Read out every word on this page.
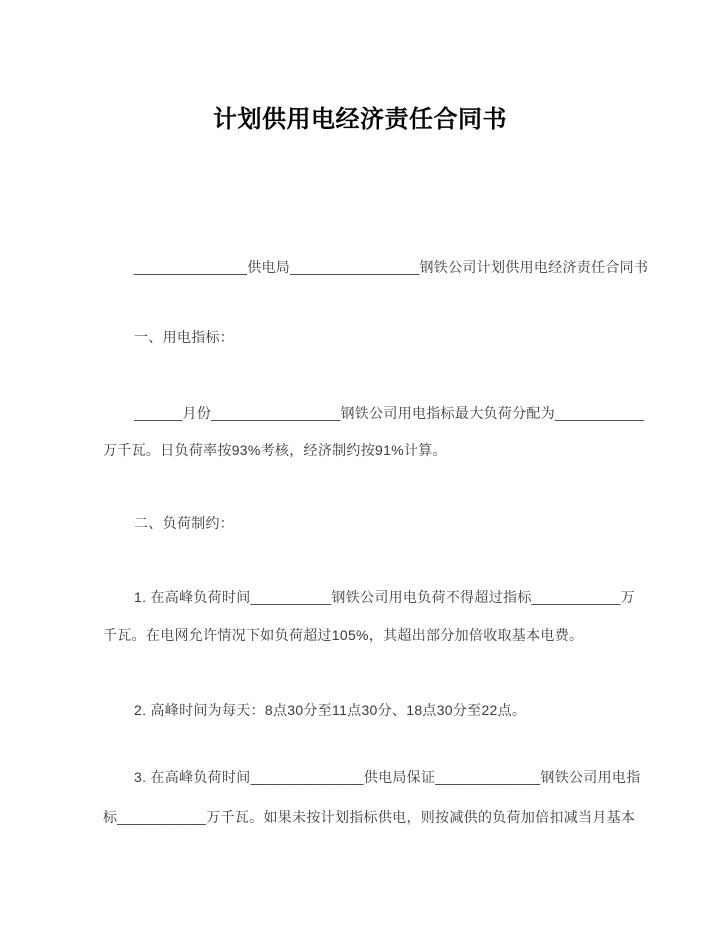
计划供用电经济责任合同书
______________供电局________________钢铁公司计划供用电经济责任合同书
一、用电指标：
______月份________________钢铁公司用电指标最大负荷分配为___________
万千瓦。日负荷率按93%考核，经济制约按91%计算。
二、负荷制约：
1. 在高峰负荷时间__________钢铁公司用电负荷不得超过指标___________万
千瓦。在电网允许情况下如负荷超过105%，其超出部分加倍收取基本电费。
2. 高峰时间为每天：8点30分至11点30分、18点30分至22点。
3. 在高峰负荷时间______________供电局保证_____________钢铁公司用电指
标___________万千瓦。如果未按计划指标供电，则按减供的负荷加倍扣减当月基本
